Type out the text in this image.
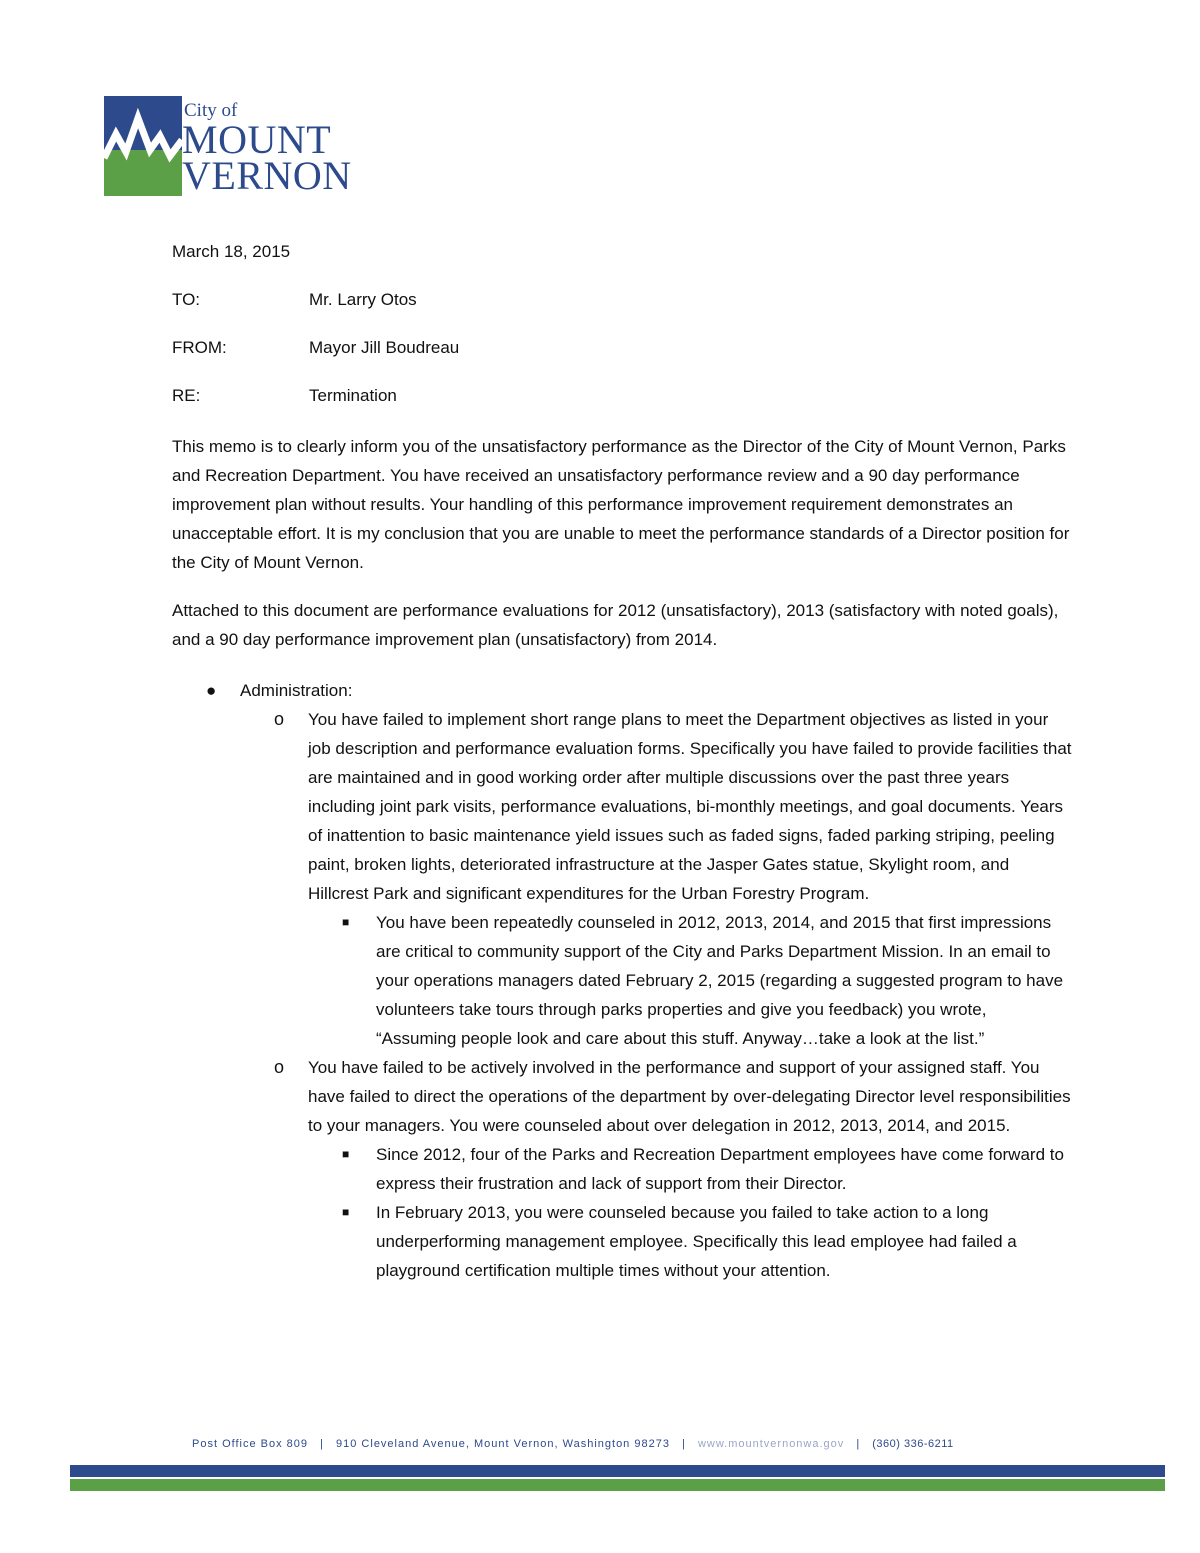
City of
MOUNT
VERNON
March 18, 2015
TO:	Mr. Larry Otos
FROM:	Mayor Jill Boudreau
RE:	Termination

This memo is to clearly inform you of the unsatisfactory performance as the Director of the City of Mount Vernon, Parks and Recreation Department. You have received an unsatisfactory performance review and a 90 day performance improvement plan without results. Your handling of this performance improvement requirement demonstrates an unacceptable effort. It is my conclusion that you are unable to meet the performance standards of a Director position for the City of Mount Vernon.

Attached to this document are performance evaluations for 2012 (unsatisfactory), 2013 (satisfactory with noted goals), and a 90 day performance improvement plan (unsatisfactory) from 2014.

● Administration:
o You have failed to implement short range plans to meet the Department objectives as listed in your job description and performance evaluation forms. Specifically you have failed to provide facilities that are maintained and in good working order after multiple discussions over the past three years including joint park visits, performance evaluations, bi-monthly meetings, and goal documents. Years of inattention to basic maintenance yield issues such as faded signs, faded parking striping, peeling paint, broken lights, deteriorated infrastructure at the Jasper Gates statue, Skylight room, and Hillcrest Park and significant expenditures for the Urban Forestry Program.
■ You have been repeatedly counseled in 2012, 2013, 2014, and 2015 that first impressions are critical to community support of the City and Parks Department Mission. In an email to your operations managers dated February 2, 2015 (regarding a suggested program to have volunteers take tours through parks properties and give you feedback) you wrote, “Assuming people look and care about this stuff. Anyway…take a look at the list.”
o You have failed to be actively involved in the performance and support of your assigned staff. You have failed to direct the operations of the department by over-delegating Director level responsibilities to your managers. You were counseled about over delegation in 2012, 2013, 2014, and 2015.
■ Since 2012, four of the Parks and Recreation Department employees have come forward to express their frustration and lack of support from their Director.
■ In February 2013, you were counseled because you failed to take action to a long underperforming management employee. Specifically this lead employee had failed a playground certification multiple times without your attention.
Post Office Box 809 | 910 Cleveland Avenue, Mount Vernon, Washington 98273 | www.mountvernonwa.gov | (360) 336-6211
